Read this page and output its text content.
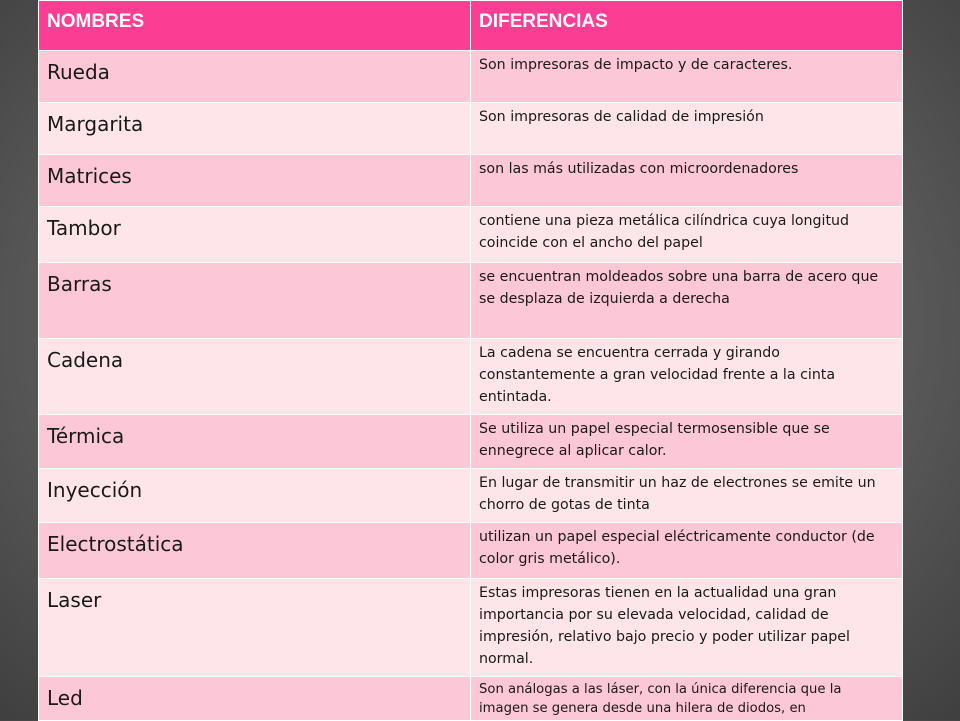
NOMBRES	DIFERENCIAS
Rueda	Son impresoras de impacto y de caracteres.
Margarita	Son impresoras de calidad de impresión
Matrices	son las más utilizadas con microordenadores
Tambor	contiene una pieza metálica cilíndrica cuya longitud coincide con el ancho del papel
Barras	se encuentran moldeados sobre una barra de acero que se desplaza de izquierda a derecha
Cadena	La cadena se encuentra cerrada y girando constantemente a gran velocidad frente a la cinta entintada.
Térmica	Se utiliza un papel especial termosensible que se ennegrece al aplicar calor.
Inyección	En lugar de transmitir un haz de electrones se emite un chorro de gotas de tinta
Electrostática	utilizan un papel especial eléctricamente conductor (de color gris metálico).
Laser	Estas impresoras tienen en la actualidad una gran importancia por su elevada velocidad, calidad de impresión, relativo bajo precio y poder utilizar papel normal.
Led	Son análogas a las láser, con la única diferencia que la imagen se genera desde una hilera de diodos, en
